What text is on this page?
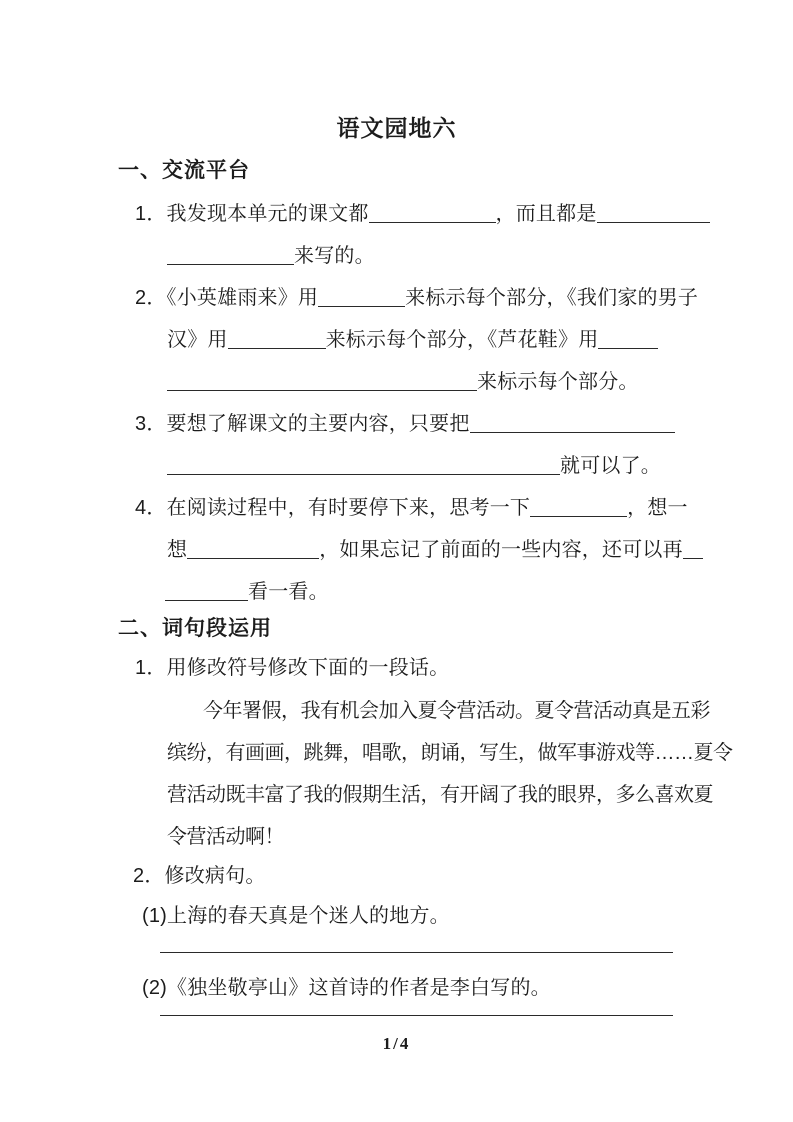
语文园地六
一、交流平台
1．我发现本单元的课文都	，而且都是
来写的。
2．《小英雄雨来》用	来标示每个部分，《我们家的男子
汉》用	来标示每个部分，《芦花鞋》用
来标示每个部分。
3．要想了解课文的主要内容，只要把
就可以了。
4．在阅读过程中，有时要停下来，思考一下	，想一
想	，如果忘记了前面的一些内容，还可以再
看一看。
二、词句段运用
1．用修改符号修改下面的一段话。
今年署假，我有机会加入夏令营活动。夏令营活动真是五彩
缤纷，有画画，跳舞，唱歌，朗诵，写生，做军事游戏等……夏令
营活动既丰富了我的假期生活，有开阔了我的眼界，多么喜欢夏
令营活动啊！
2．修改病句。
(1)上海的春天真是个迷人的地方。
(2)《独坐敬亭山》这首诗的作者是李白写的。
1/4
